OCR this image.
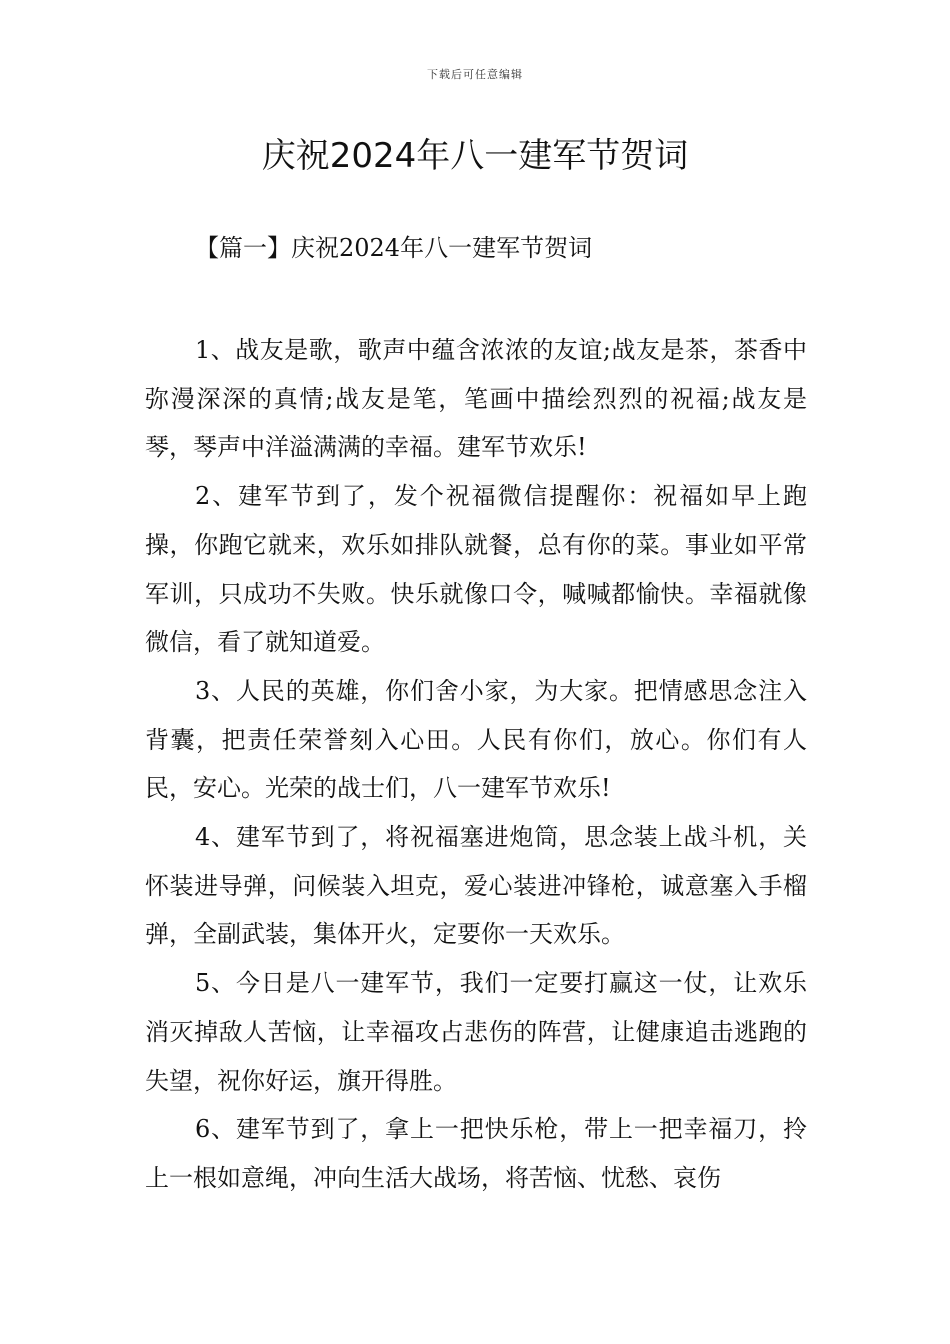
下载后可任意编辑
庆祝2024年八一建军节贺词
【篇一】庆祝2024年八一建军节贺词

1、战友是歌，歌声中蕴含浓浓的友谊;战友是茶，茶香中弥漫深深的真情;战友是笔，笔画中描绘烈烈的祝福;战友是琴，琴声中洋溢满满的幸福。建军节欢乐!

2、建军节到了，发个祝福微信提醒你：祝福如早上跑操，你跑它就来，欢乐如排队就餐，总有你的菜。事业如平常军训，只成功不失败。快乐就像口令，喊喊都愉快。幸福就像微信，看了就知道爱。

3、人民的英雄，你们舍小家，为大家。把情感思念注入背囊，把责任荣誉刻入心田。人民有你们，放心。你们有人民，安心。光荣的战士们，八一建军节欢乐!

4、建军节到了，将祝福塞进炮筒，思念装上战斗机，关怀装进导弹，问候装入坦克，爱心装进冲锋枪，诚意塞入手榴弹，全副武装，集体开火，定要你一天欢乐。

5、今日是八一建军节，我们一定要打赢这一仗，让欢乐消灭掉敌人苦恼，让幸福攻占悲伤的阵营，让健康追击逃跑的失望，祝你好运，旗开得胜。

6、建军节到了，拿上一把快乐枪，带上一把幸福刀，拎上一根如意绳，冲向生活大战场，将苦恼、忧愁、哀伤
